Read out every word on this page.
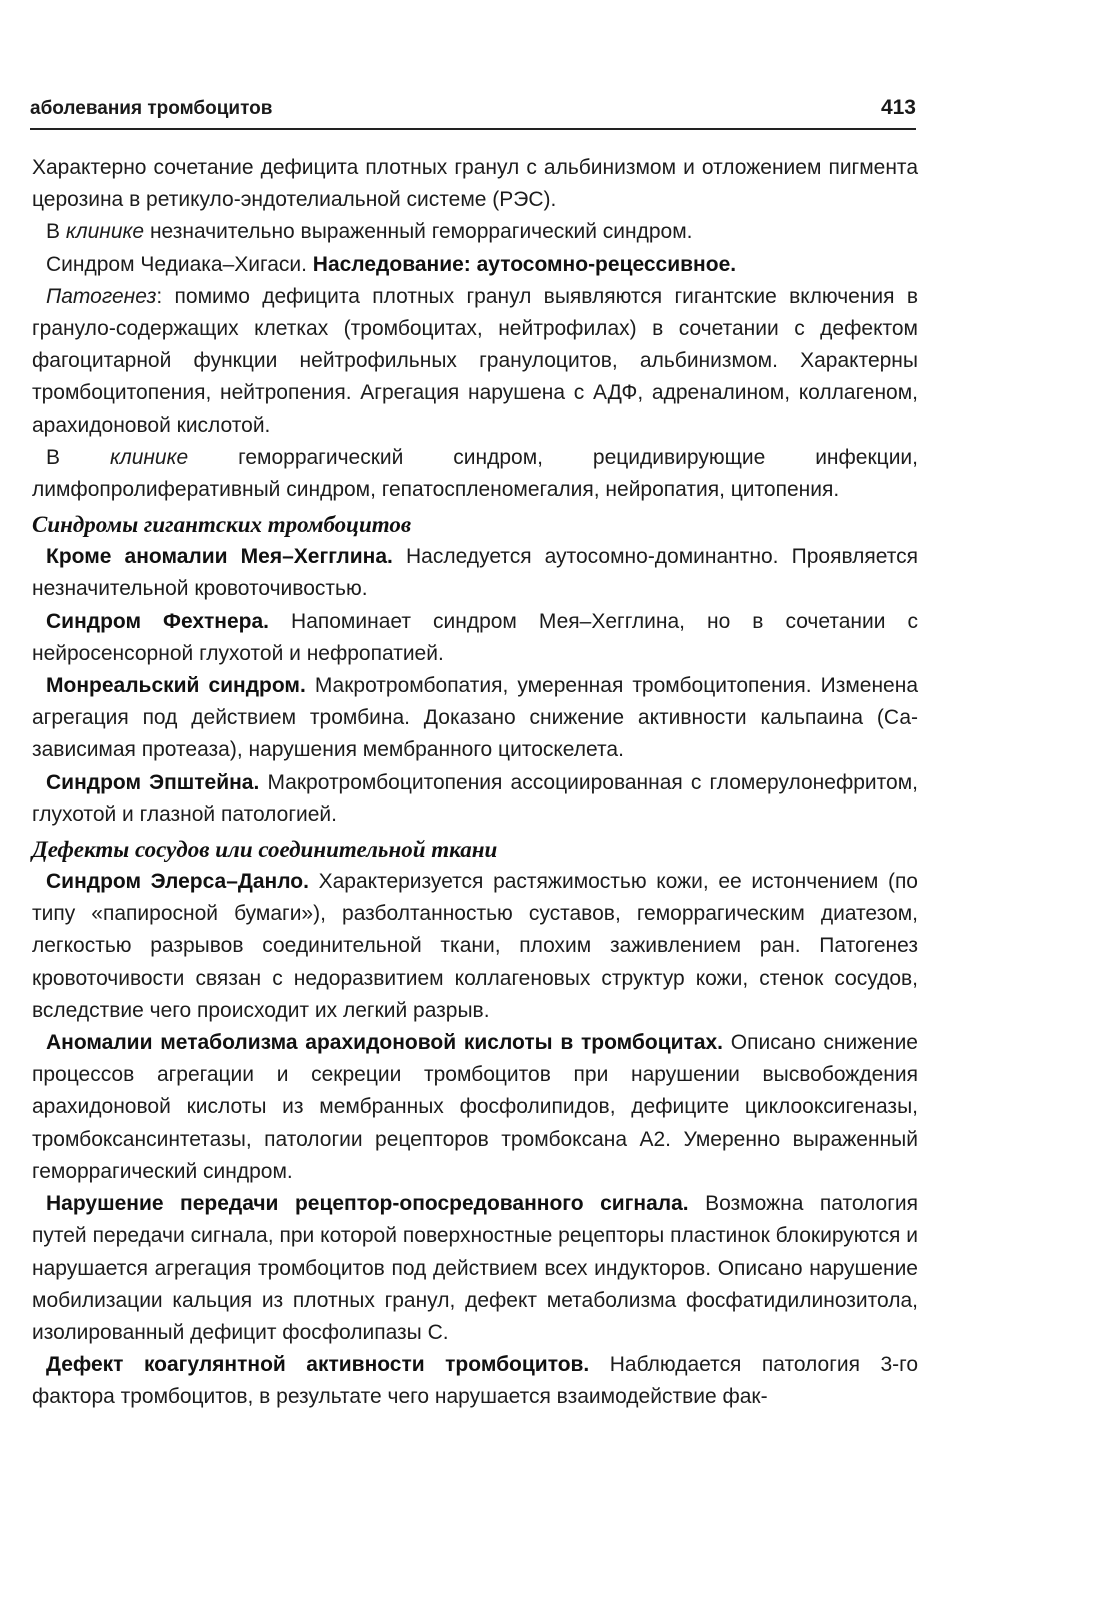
аболевания тромбоцитов	413

Характерно сочетание дефицита плотных гранул с альбинизмом и отложением пигмента церозина в ретикуло-эндотелиальной системе (РЭС).

В клинике незначительно выраженный геморрагический синдром.

Синдром Чедиака–Хигаси. Наследование: аутосомно-рецессивное.

Патогенез: помимо дефицита плотных гранул выявляются гигантские включения в грануло-содержащих клетках (тромбоцитах, нейтрофилах) в сочетании с дефектом фагоцитарной функции нейтрофильных гранулоцитов, альбинизмом. Характерны тромбоцитопения, нейтропения. Агрегация нарушена с АДФ, адреналином, коллагеном, арахидоновой кислотой.

В клинике геморрагический синдром, рецидивирующие инфекции, лимфопролиферативный синдром, гепатоспленомегалия, нейропатия, цитопения.

Синдромы гигантских тромбоцитов

Кроме аномалии Мея–Хегглина. Наследуется аутосомно-доминантно. Проявляется незначительной кровоточивостью.

Синдром Фехтнера. Напоминает синдром Мея–Хегглина, но в сочетании с нейросенсорной глухотой и нефропатией.

Монреальский синдром. Макротромбопатия, умеренная тромбоцитопения. Изменена агрегация под действием тромбина. Доказано снижение активности кальпаина (Са-зависимая протеаза), нарушения мембранного цитоскелета.

Синдром Эпштейна. Макротромбоцитопения ассоциированная с гломерулонефритом, глухотой и глазной патологией.

Дефекты сосудов или соединительной ткани

Синдром Элерса–Данло. Характеризуется растяжимостью кожи, ее истончением (по типу «папиросной бумаги»), разболтанностью суставов, геморрагическим диатезом, легкостью разрывов соединительной ткани, плохим заживлением ран. Патогенез кровоточивости связан с недоразвитием коллагеновых структур кожи, стенок сосудов, вследствие чего происходит их легкий разрыв.

Аномалии метаболизма арахидоновой кислоты в тромбоцитах. Описано снижение процессов агрегации и секреции тромбоцитов при нарушении высвобождения арахидоновой кислоты из мембранных фосфолипидов, дефиците циклооксигеназы, тромбоксансинтетазы, патологии рецепторов тромбоксана А2. Умеренно выраженный геморрагический синдром.

Нарушение передачи рецептор-опосредованного сигнала. Возможна патология путей передачи сигнала, при которой поверхностные рецепторы пластинок блокируются и нарушается агрегация тромбоцитов под действием всех индукторов. Описано нарушение мобилизации кальция из плотных гранул, дефект метаболизма фосфатидилинозитола, изолированный дефицит фосфолипазы С.

Дефект коагулянтной активности тромбоцитов. Наблюдается патология 3-го фактора тромбоцитов, в результате чего нарушается взаимодействие фак-
